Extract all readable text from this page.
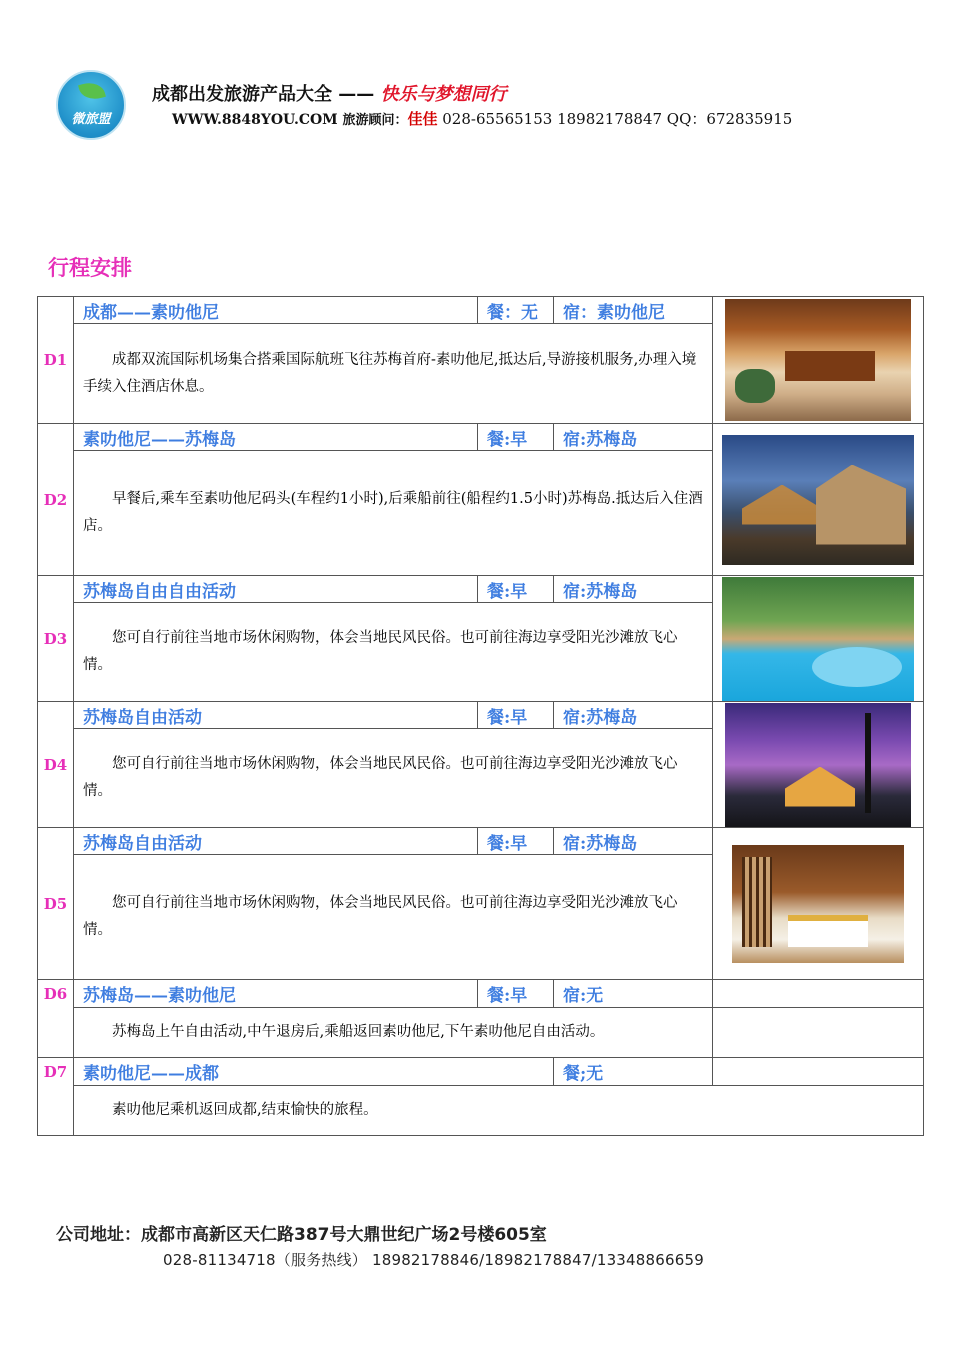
微旅盟
成都出发旅游产品大全 —— 快乐与梦想同行
WWW.8848YOU.COM 旅游顾问：佳佳 028-65565153 18982178847 QQ：672835915
行程安排
D1	成都——素叻他尼	餐：无	宿：素叻他尼	

	成都双流国际机场集合搭乘国际航班飞往苏梅首府-素叻他尼,抵达后,导游接机服务,办理入境手续入住酒店休息。			

D2	素叻他尼——苏梅岛	餐:早	宿:苏梅岛	

	早餐后,乘车至素叻他尼码头(车程约1小时),后乘船前往(船程约1.5小时)苏梅岛.抵达后入住酒店。			

D3	苏梅岛自由自由活动	餐:早	宿:苏梅岛	

	您可自行前往当地市场休闲购物，体会当地民风民俗。也可前往海边享受阳光沙滩放飞心情。			

D4	苏梅岛自由活动	餐:早	宿:苏梅岛	

	您可自行前往当地市场休闲购物，体会当地民风民俗。也可前往海边享受阳光沙滩放飞心情。			

D5	苏梅岛自由活动	餐:早	宿:苏梅岛	

	您可自行前往当地市场休闲购物，体会当地民风民俗。也可前往海边享受阳光沙滩放飞心情。			

D6	苏梅岛——素叻他尼	餐:早	宿:无	

	苏梅岛上午自由活动,中午退房后,乘船返回素叻他尼,下午素叻他尼自由活动。			

D7	素叻他尼——成都		餐;无	

	素叻他尼乘机返回成都,结束愉快的旅程。			

公司地址：成都市高新区天仁路387号大鼎世纪广场2号楼605室
028-81134718（服务热线） 18982178846/18982178847/13348866659
